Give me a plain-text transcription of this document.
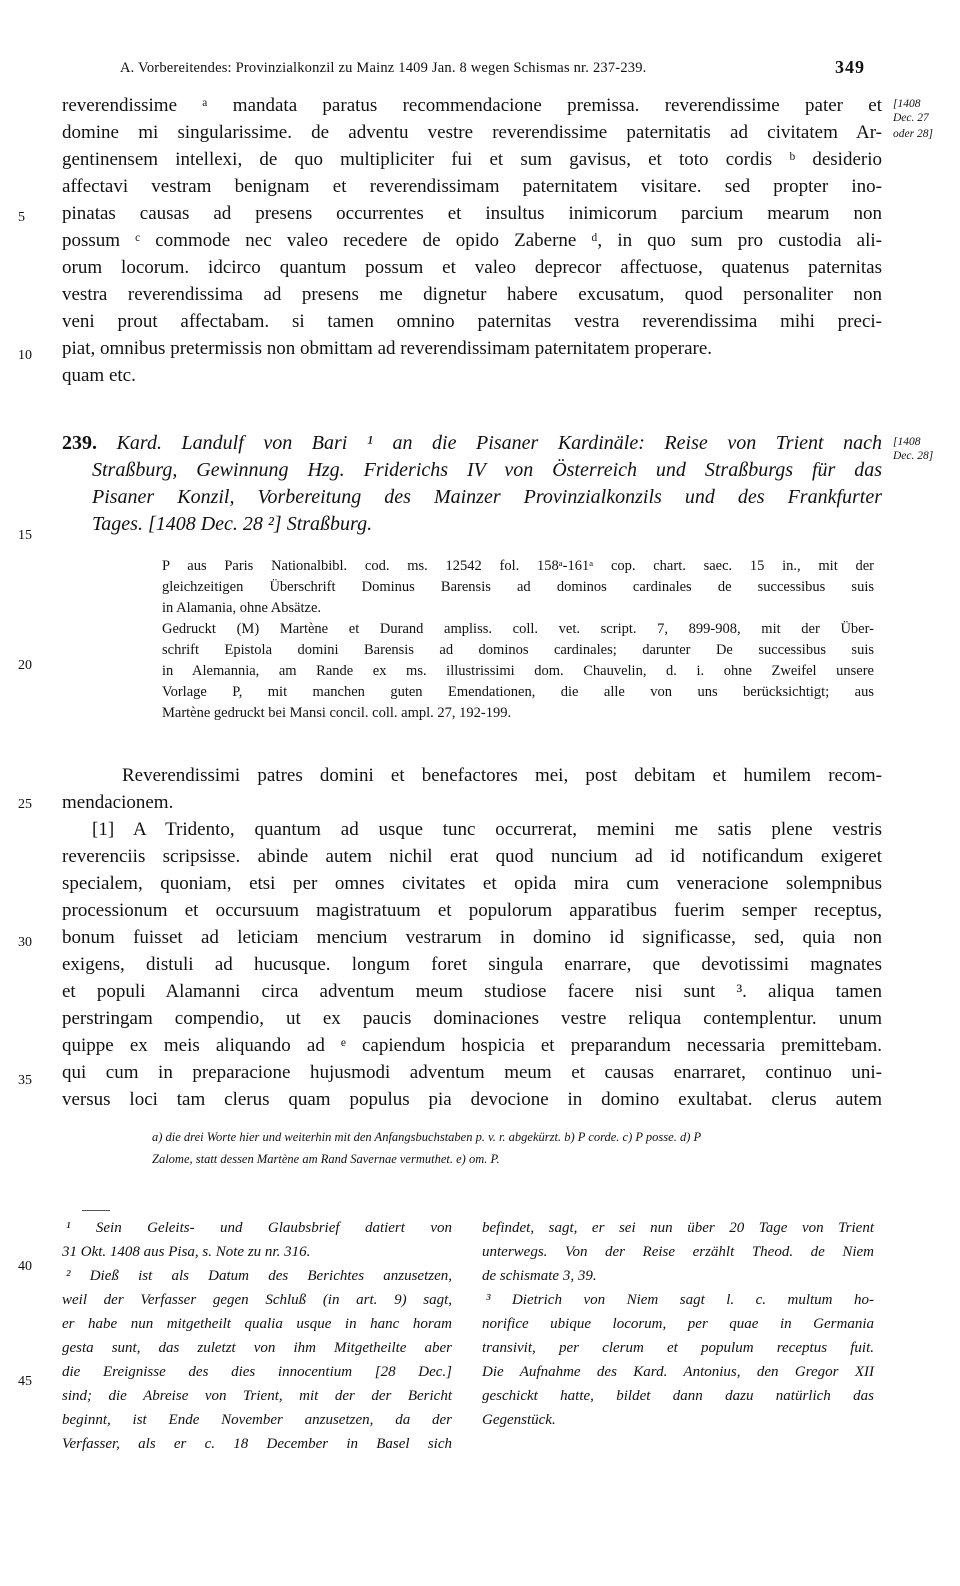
A. Vorbereitendes: Provinzialkonzil zu Mainz 1409 Jan. 8 wegen Schismas nr. 237-239.	349
[1408
Dec. 27
oder 28]
[1408
Dec. 28]
5
10
15
20
25
30
35
40
45
reverendissime ᵃ mandata paratus recommendacione premissa. reverendissime pater et
domine mi singularissime. de adventu vestre reverendissime paternitatis ad civitatem Ar-
gentinensem intellexi, de quo multipliciter fui et sum gavisus, et toto cordis ᵇ desiderio
affectavi vestram benignam et reverendissimam paternitatem visitare. sed propter ino-
pinatas causas ad presens occurrentes et insultus inimicorum parcium mearum non
possum ᶜ commode nec valeo recedere de opido Zaberne ᵈ, in quo sum pro custodia ali-
orum locorum. idcirco quantum possum et valeo deprecor affectuose, quatenus paternitas
vestra reverendissima ad presens me dignetur habere excusatum, quod personaliter non
veni prout affectabam. si tamen omnino paternitas vestra reverendissima mihi preci-
piat, omnibus pretermissis non obmittam ad reverendissimam paternitatem properare.
quam etc.
239. Kard. Landulf von Bari ¹ an die Pisaner Kardinäle: Reise von Trient nach
Straßburg, Gewinnung Hzg. Friderichs IV von Österreich und Straßburgs für das
Pisaner Konzil, Vorbereitung des Mainzer Provinzialkonzils und des Frankfurter
Tages. [1408 Dec. 28 ²] Straßburg.
P aus Paris Nationalbibl. cod. ms. 12542 fol. 158ᵃ-161ᵃ cop. chart. saec. 15 in., mit der
gleichzeitigen Überschrift Dominus Barensis ad dominos cardinales de successibus suis
in Alamania, ohne Absätze.
Gedruckt (M) Martène et Durand ampliss. coll. vet. script. 7, 899-908, mit der Über-
schrift Epistola domini Barensis ad dominos cardinales; darunter De successibus suis
in Alemannia, am Rande ex ms. illustrissimi dom. Chauvelin, d. i. ohne Zweifel unsere
Vorlage P, mit manchen guten Emendationen, die alle von uns berücksichtigt; aus
Martène gedruckt bei Mansi concil. coll. ampl. 27, 192-199.
Reverendissimi patres domini et benefactores mei, post debitam et humilem recom-
mendacionem.
[1] A Tridento, quantum ad usque tunc occurrerat, memini me satis plene vestris
reverenciis scripsisse. abinde autem nichil erat quod nuncium ad id notificandum exigeret
specialem, quoniam, etsi per omnes civitates et opida mira cum veneracione solempnibus
processionum et occursuum magistratuum et populorum apparatibus fuerim semper receptus,
bonum fuisset ad leticiam mencium vestrarum in domino id significasse, sed, quia non
exigens, distuli ad hucusque. longum foret singula enarrare, que devotissimi magnates
et populi Alamanni circa adventum meum studiose facere nisi sunt ³. aliqua tamen
perstringam compendio, ut ex paucis dominaciones vestre reliqua contemplentur. unum
quippe ex meis aliquando ad ᵉ capiendum hospicia et preparandum necessaria premittebam.
qui cum in preparacione hujusmodi adventum meum et causas enarraret, continuo uni-
versus loci tam clerus quam populus pia devocione in domino exultabat. clerus autem
a) die drei Worte hier und weiterhin mit den Anfangsbuchstaben p. v. r. abgekürzt. b) P corde. c) P posse. d) P
Zalome, statt dessen Martène am Rand Savernae vermuthet. e) om. P.
¹ Sein Geleits- und Glaubsbrief datiert von
31 Okt. 1408 aus Pisa, s. Note zu nr. 316.
² Dieß ist als Datum des Berichtes anzusetzen,
weil der Verfasser gegen Schluß (in art. 9) sagt,
er habe nun mitgetheilt qualia usque in hanc horam
gesta sunt, das zuletzt von ihm Mitgetheilte aber
die Ereignisse des dies innocentium [28 Dec.]
sind; die Abreise von Trient, mit der der Bericht
beginnt, ist Ende November anzusetzen, da der
Verfasser, als er c. 18 December in Basel sich
befindet, sagt, er sei nun über 20 Tage von Trient
unterwegs. Von der Reise erzählt Theod. de Niem
de schismate 3, 39.
³ Dietrich von Niem sagt l. c. multum ho-
norifice ubique locorum, per quae in Germania
transivit, per clerum et populum receptus fuit.
Die Aufnahme des Kard. Antonius, den Gregor XII
geschickt hatte, bildet dann dazu natürlich das
Gegenstück.
